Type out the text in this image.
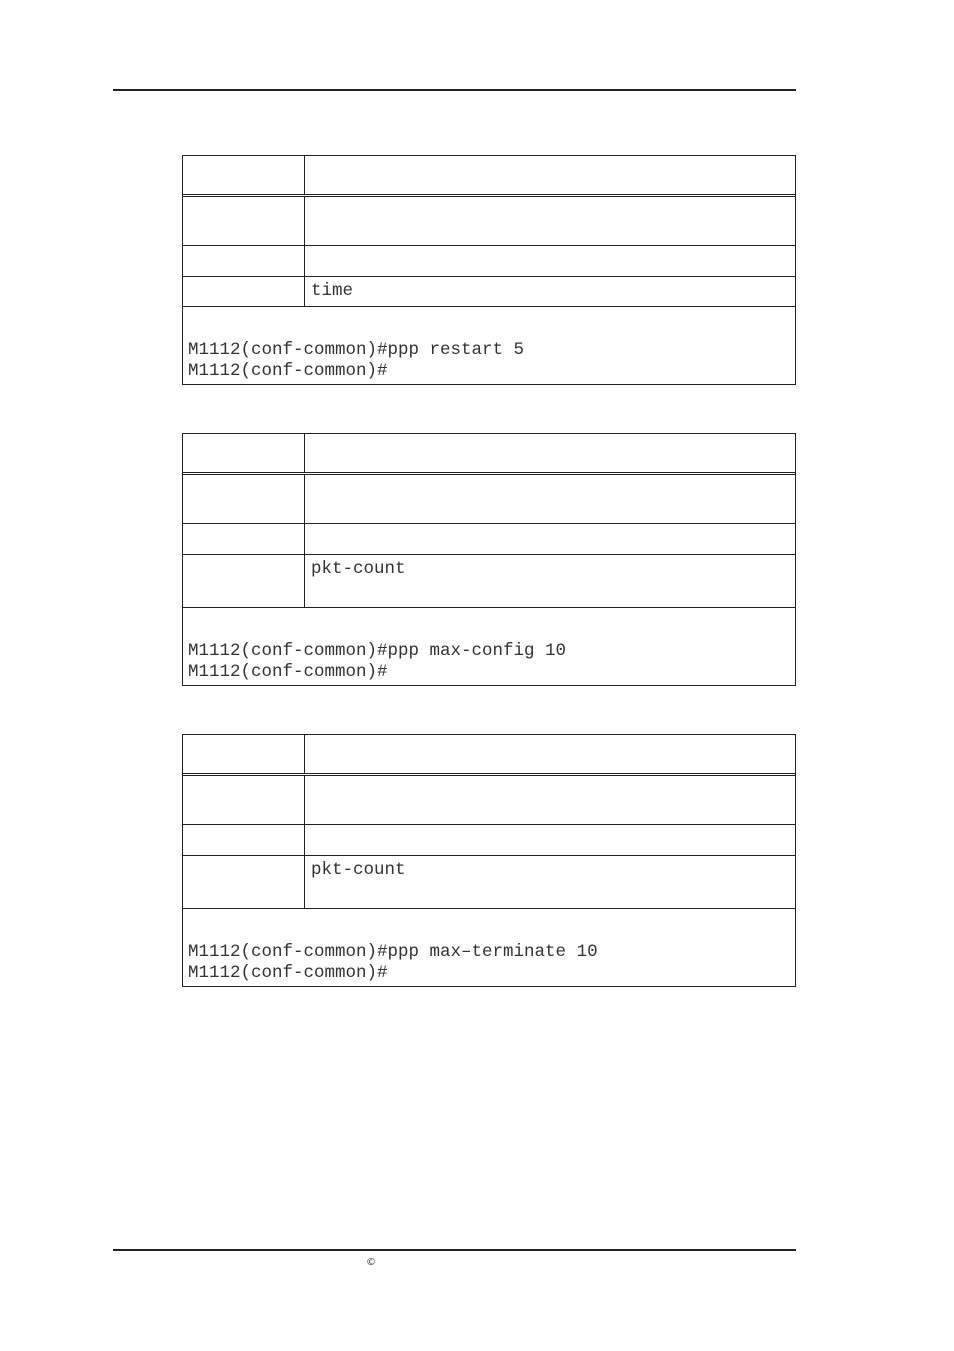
time
M1112(conf-common)#ppp restart 5
M1112(conf-common)#
pkt-count
M1112(conf-common)#ppp max-config 10
M1112(conf-common)#
pkt-count
M1112(conf-common)#ppp max–terminate 10
M1112(conf-common)#
©
